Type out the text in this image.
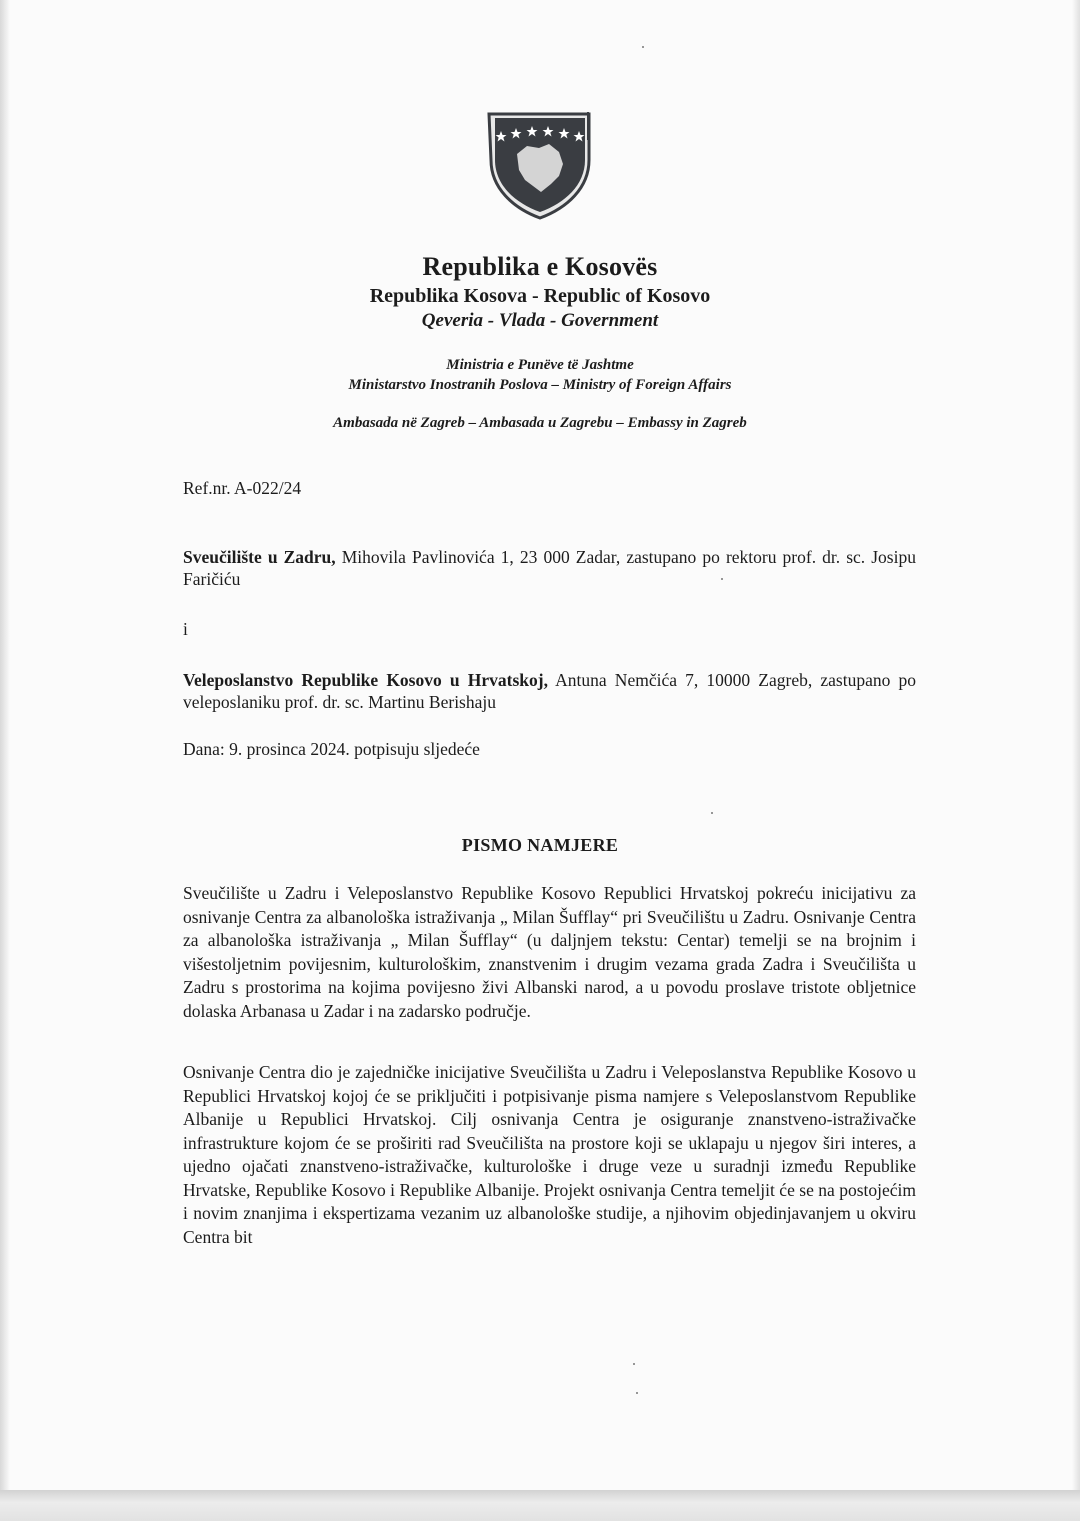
Republika e Kosovës
Republika Kosova - Republic of Kosovo
Qeveria - Vlada - Government
Ministria e Punëve të Jashtme
Ministarstvo Inostranih Poslova – Ministry of Foreign Affairs
Ambasada në Zagreb – Ambasada u Zagrebu – Embassy in Zagreb
Ref.nr. A-022/24
Sveučilište u Zadru, Mihovila Pavlinovića 1, 23 000 Zadar, zastupano po rektoru prof. dr. sc. Josipu Faričiću
i
Veleposlanstvo Republike Kosovo u Hrvatskoj, Antuna Nemčića 7, 10000 Zagreb, zastupano po veleposlaniku prof. dr. sc. Martinu Berishaju
Dana: 9. prosinca 2024. potpisuju sljedeće
PISMO NAMJERE
Sveučilište u Zadru i Veleposlanstvo Republike Kosovo Republici Hrvatskoj pokreću inicijativu za osnivanje Centra za albanološka istraživanja „ Milan Šufflay“ pri Sveučilištu u Zadru. Osnivanje Centra za albanološka istraživanja „ Milan Šufflay“ (u daljnjem tekstu: Centar) temelji se na brojnim i višestoljetnim povijesnim, kulturološkim, znanstvenim i drugim vezama grada Zadra i Sveučilišta u Zadru s prostorima na kojima povijesno živi Albanski narod, a u povodu proslave tristote obljetnice dolaska Arbanasa u Zadar i na zadarsko područje.
Osnivanje Centra dio je zajedničke inicijative Sveučilišta u Zadru i Veleposlanstva Republike Kosovo u Republici Hrvatskoj kojoj će se priključiti i potpisivanje pisma namjere s Veleposlanstvom Republike Albanije u Republici Hrvatskoj. Cilj osnivanja Centra je osiguranje znanstveno-istraživačke infrastrukture kojom će se proširiti rad Sveučilišta na prostore koji se uklapaju u njegov širi interes, a ujedno ojačati znanstveno-istraživačke, kulturološke i druge veze u suradnji između Republike Hrvatske, Republike Kosovo i Republike Albanije. Projekt osnivanja Centra temeljit će se na postojećim i novim znanjima i ekspertizama vezanim uz albanološke studije, a njihovim objedinjavanjem u okviru Centra bit
